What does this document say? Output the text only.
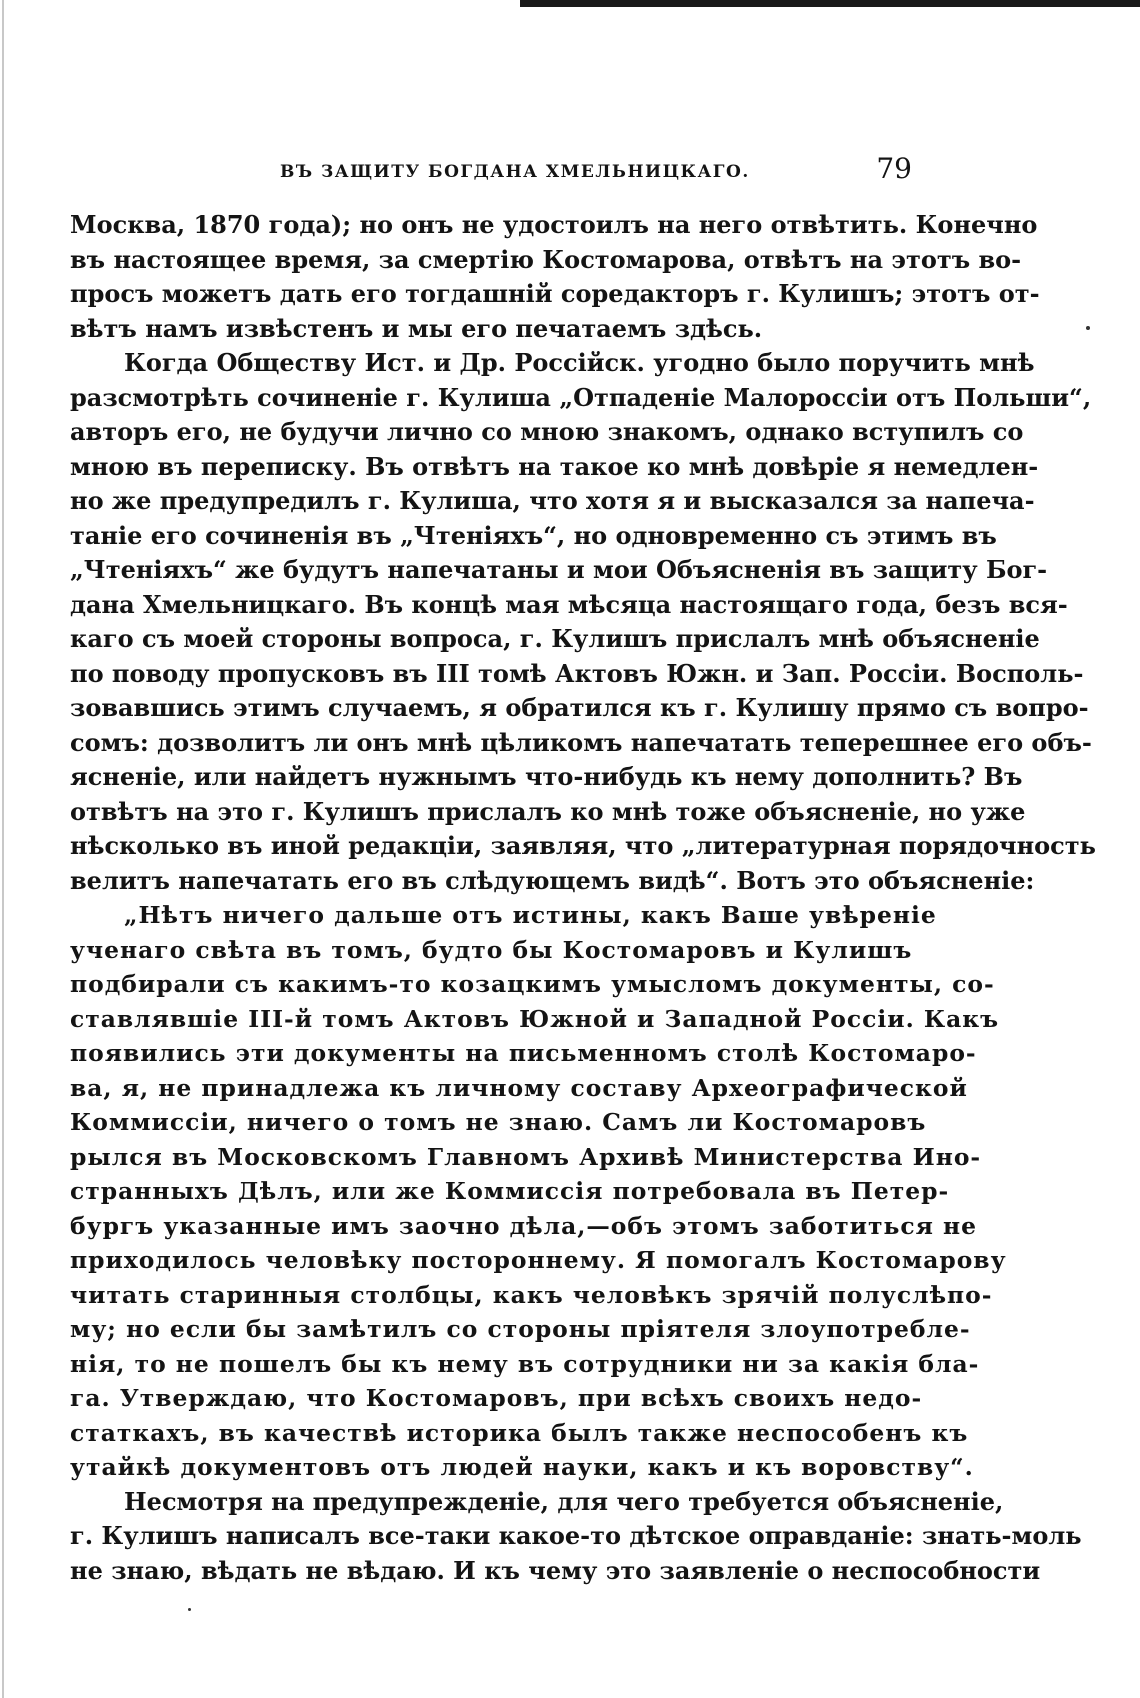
ВЪ ЗАЩИТУ БОГДАНА ХМЕЛЬНИЦКАГО.	79
Москва, 1870 года); но онъ не удостоилъ на него отвѣтить. Конечно
въ настоящее время, за смертію Костомарова, отвѣтъ на этотъ во-
просъ можетъ дать его тогдашній соредакторъ г. Кулишъ; этотъ от-
вѣтъ намъ извѣстенъ и мы его печатаемъ здѣсь.
Когда Обществу Ист. и Др. Россійск. угодно было поручить мнѣ
разсмотрѣть сочиненіе г. Кулиша „Отпаденіе Малороссіи отъ Польши“,
авторъ его, не будучи лично со мною знакомъ, однако вступилъ со
мною въ переписку. Въ отвѣтъ на такое ко мнѣ довѣріе я немедлен-
но же предупредилъ г. Кулиша, что хотя я и высказался за напеча-
таніе его сочиненія въ „Чтеніяхъ“, но одновременно съ этимъ въ
„Чтеніяхъ“ же будутъ напечатаны и мои Объясненія въ защиту Бог-
дана Хмельницкаго. Въ концѣ мая мѣсяца настоящаго года, безъ вся-
каго съ моей стороны вопроса, г. Кулишъ прислалъ мнѣ объясненіе
по поводу пропусковъ въ III томѣ Актовъ Южн. и Зап. Россіи. Восполь-
зовавшись этимъ случаемъ, я обратился къ г. Кулишу прямо съ вопро-
сомъ: дозволитъ ли онъ мнѣ цѣликомъ напечатать теперешнее его объ-
ясненіе, или найдетъ нужнымъ что-нибудь къ нему дополнить? Въ
отвѣтъ на это г. Кулишъ прислалъ ко мнѣ тоже объясненіе, но уже
нѣсколько въ иной редакціи, заявляя, что „литературная порядочность
велитъ напечатать его въ слѣдующемъ видѣ“. Вотъ это объясненіе:
„Нѣтъ ничего дальше отъ истины, какъ Ваше увѣреніе
ученаго свѣта въ томъ, будто бы Костомаровъ и Кулишъ
подбирали съ какимъ-то козацкимъ умысломъ документы, со-
ставлявшіе III-й томъ Актовъ Южной и Западной Россіи. Какъ
появились эти документы на письменномъ столѣ Костомаро-
ва, я, не принадлежа къ личному составу Археографической
Коммиссіи, ничего о томъ не знаю. Самъ ли Костомаровъ
рылся въ Московскомъ Главномъ Архивѣ Министерства Ино-
странныхъ Дѣлъ, или же Коммиссія потребовала въ Петер-
бургъ указанные имъ заочно дѣла,—объ этомъ заботиться не
приходилось человѣку постороннему. Я помогалъ Костомарову
читать старинныя столбцы, какъ человѣкъ зрячій полуслѣпо-
му; но если бы замѣтилъ со стороны пріятеля злоупотребле-
нія, то не пошелъ бы къ нему въ сотрудники ни за какія бла-
га. Утверждаю, что Костомаровъ, при всѣхъ своихъ недо-
статкахъ, въ качествѣ историка былъ также неспособенъ къ
утайкѣ документовъ отъ людей науки, какъ и къ воровству“.
Несмотря на предупрежденіе, для чего требуется объясненіе,
г. Кулишъ написалъ все-таки какое-то дѣтское оправданіе: знать-моль
не знаю, вѣдать не вѣдаю. И къ чему это заявленіе о неспособности
